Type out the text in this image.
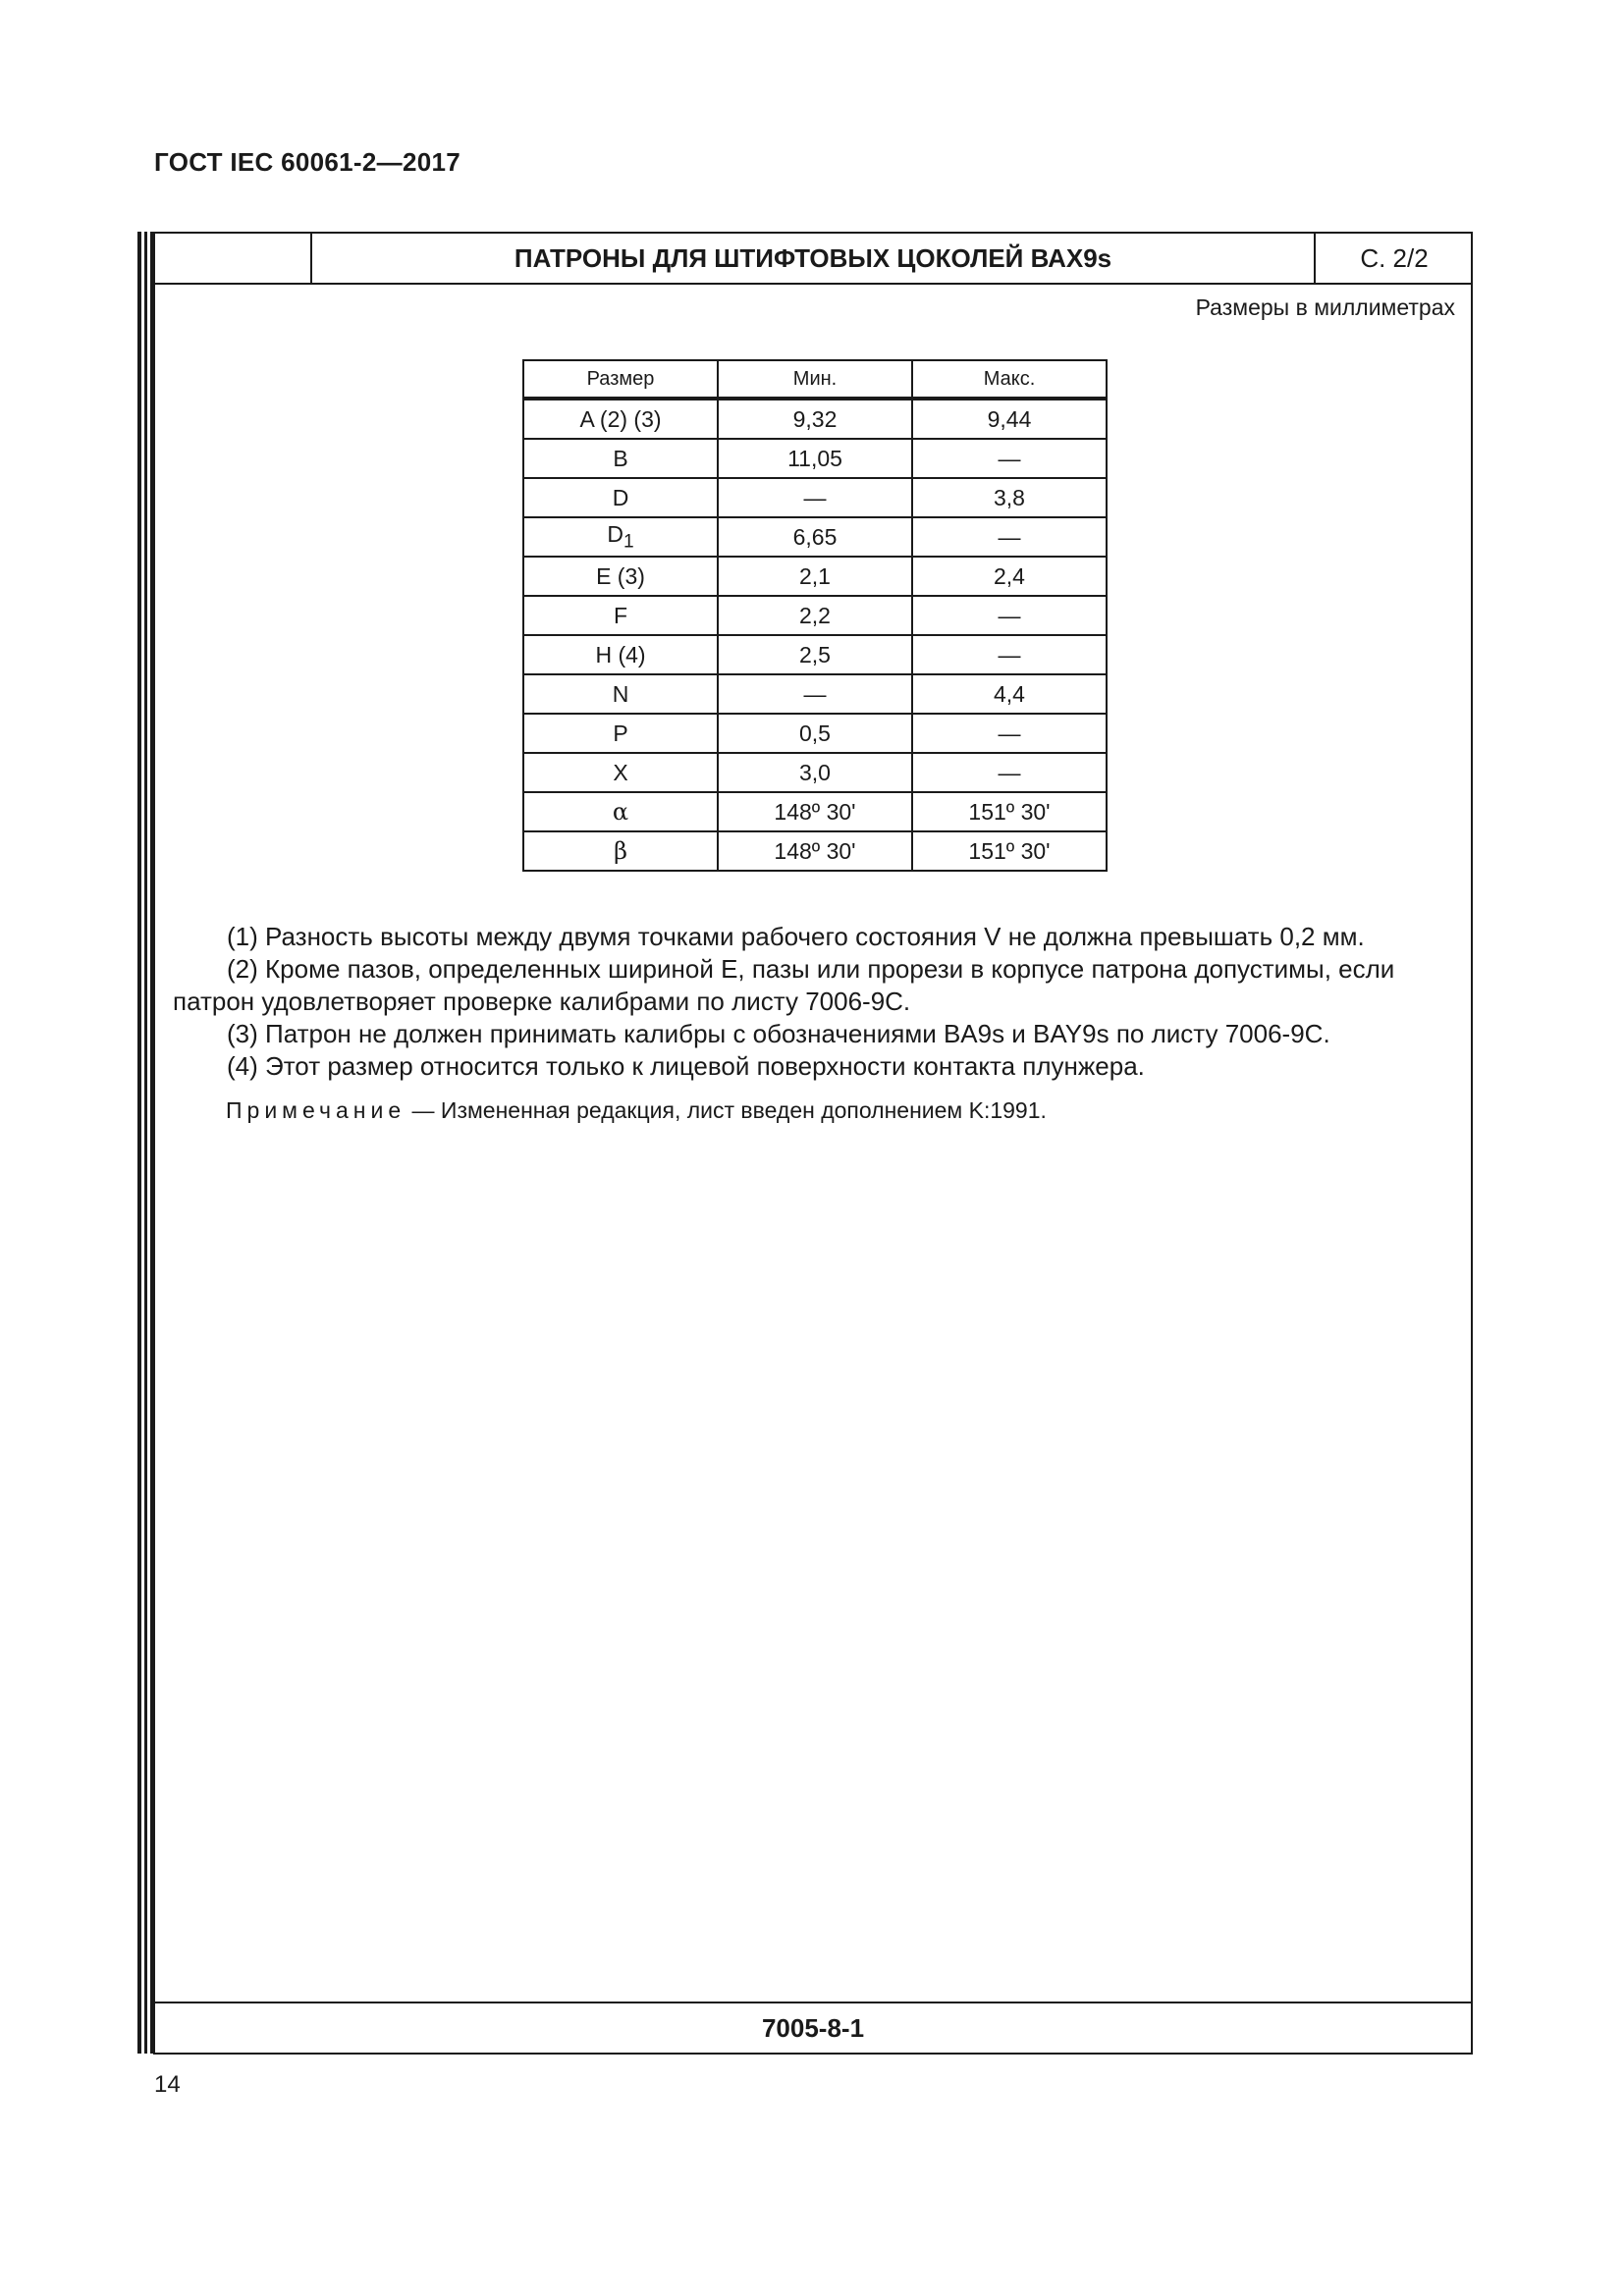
ГОСТ IEC 60061-2—2017
ПАТРОНЫ ДЛЯ ШТИФТОВЫХ ЦОКОЛЕЙ ВАХ9s	С. 2/2
Размеры в миллиметрах
Размер	Мин.	Макс.
A (2) (3)	9,32	9,44
B	11,05	—
D	—	3,8
$D_1$	6,65	—
E (3)	2,1	2,4
F	2,2	—
H (4)	2,5	—
N	—	4,4
P	0,5	—
X	3,0	—
α	148º 30'	151º 30'
β	148º 30'	151º 30'

(1) Разность высоты между двумя точками рабочего состояния V не должна превышать 0,2 мм.

(2) Кроме пазов, определенных шириной E, пазы или прорези в корпусе патрона допустимы, если патрон удовлетворяет проверке калибрами по листу 7006-9C.

(3) Патрон не должен принимать калибры с обозначениями BA9s и BAY9s по листу 7006-9C.

(4) Этот размер относится только к лицевой поверхности контакта плунжера.

Примечание — Измененная редакция, лист введен дополнением K:1991.
7005-8-1
14
